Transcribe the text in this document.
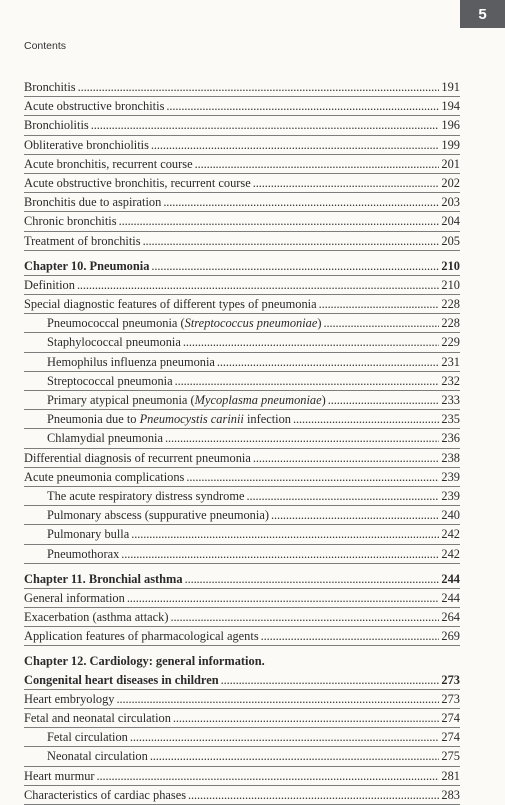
5
Contents
Bronchitis . . .	191
Acute obstructive bronchitis . . .	194
Bronchiolitis . . .	196
Obliterative bronchiolitis . . .	199
Acute bronchitis, recurrent course . . .	201
Acute obstructive bronchitis, recurrent course . . .	202
Bronchitis due to aspiration . . .	203
Chronic bronchitis . . .	204
Treatment of bronchitis . . .	205
Chapter 10. Pneumonia . . .	210
Definition . . .	210
Special diagnostic features of different types of pneumonia . . .	228
Pneumococcal pneumonia (Streptococcus pneumoniae) . . .	228
Staphylococcal pneumonia . . .	229
Hemophilus influenza pneumonia . . .	231
Streptococcal pneumonia . . .	232
Primary atypical pneumonia (Mycoplasma pneumoniae) . . .	233
Pneumonia due to Pneumocystis carinii infection . . .	235
Chlamydial pneumonia . . .	236
Differential diagnosis of recurrent pneumonia . . .	238
Acute pneumonia complications . . .	239
The acute respiratory distress syndrome . . .	239
Pulmonary abscess (suppurative pneumonia) . . .	240
Pulmonary bulla . . .	242
Pneumothorax . . .	242
Chapter 11. Bronchial asthma . . .	244
General information . . .	244
Exacerbation (asthma attack) . . .	264
Application features of pharmacological agents . . .	269
Chapter 12. Cardiology: general information.
Congenital heart diseases in children . . .	273
Heart embryology . . .	273
Fetal and neonatal circulation . . .	274
Fetal circulation . . .	274
Neonatal circulation . . .	275
Heart murmur . . .	281
Characteristics of cardiac phases . . .	283
